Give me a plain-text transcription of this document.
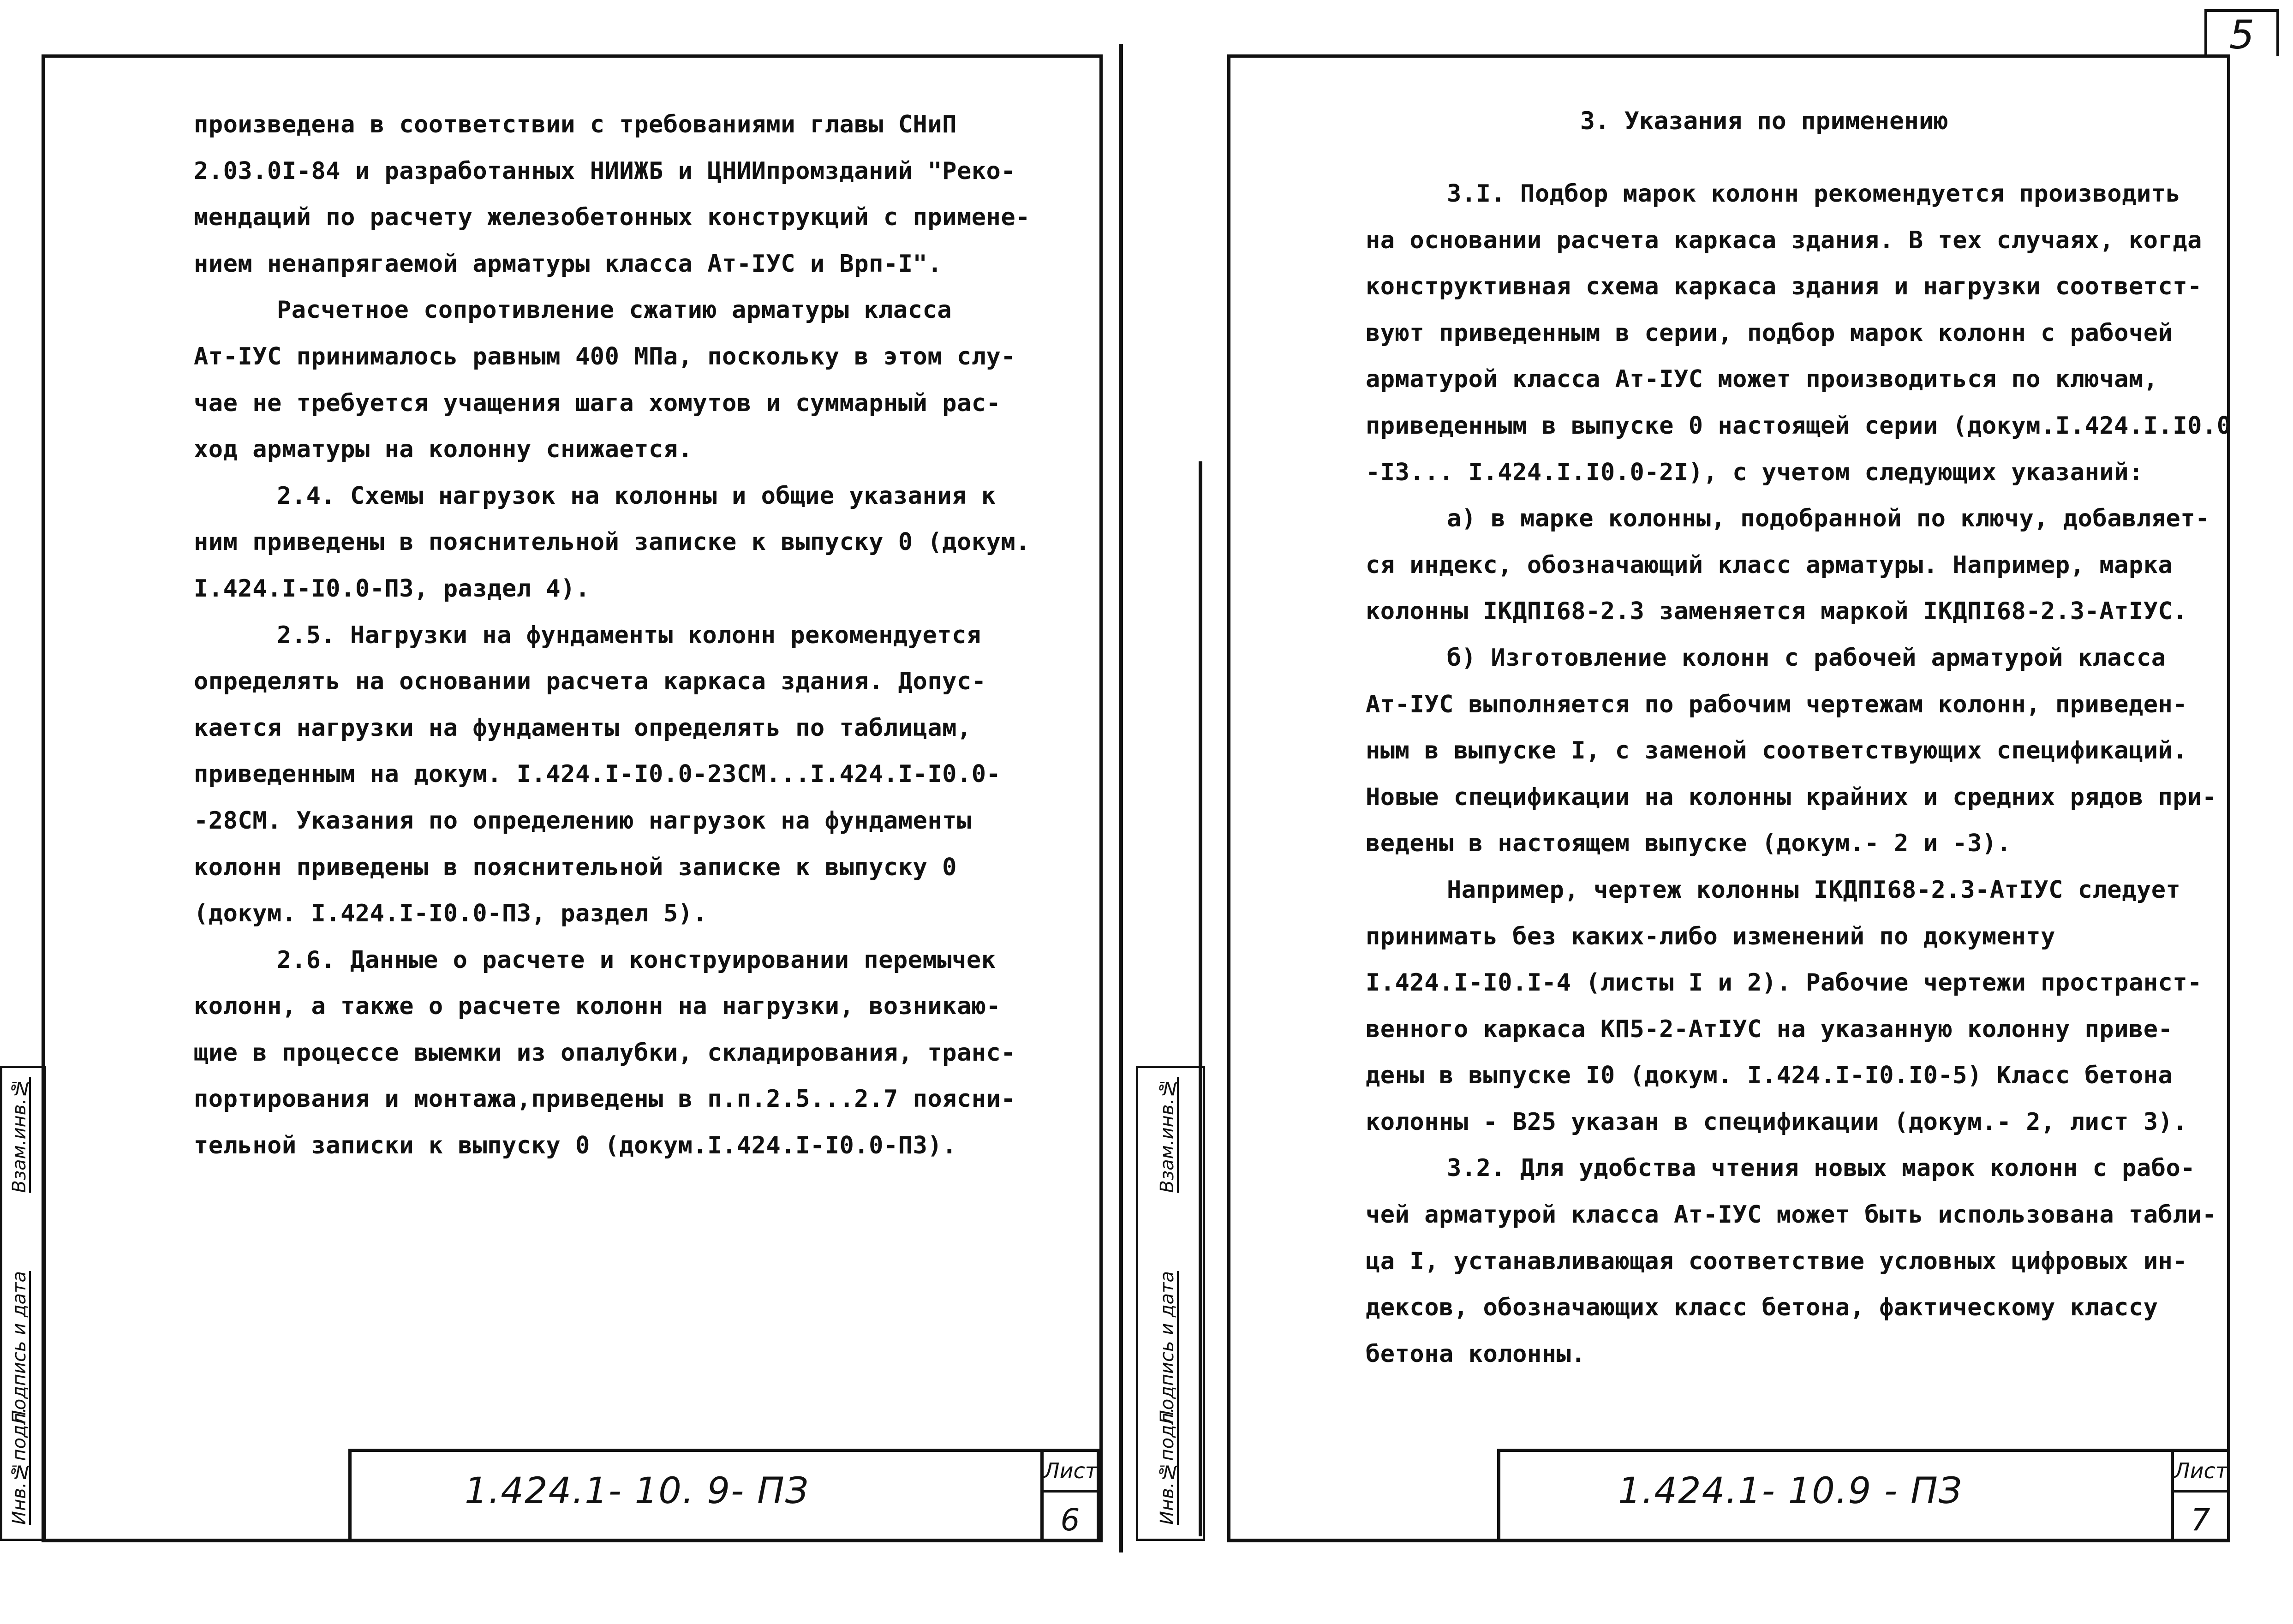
5
Инв.№подл.
Подпись и дата
Взам.инв.№

произведена в соответствии с требованиями главы СНиП

2.03.0I-84 и разработанных НИИЖБ и ЦНИИпромзданий "Реко-

мендаций по расчету железобетонных конструкций с примене-

нием ненапрягаемой арматуры класса Ат-IУС и Врп-I".

Расчетное сопротивление сжатию арматуры класса

Ат-IУС принималось равным 400 МПа, поскольку в этом слу-

чае не требуется учащения шага хомутов и суммарный рас-

ход арматуры на колонну снижается.

2.4. Схемы нагрузок на колонны и общие указания к

ним приведены в пояснительной записке к выпуску 0 (докум.

I.424.I-I0.0-ПЗ, раздел 4).

2.5. Нагрузки на фундаменты колонн рекомендуется

определять на основании расчета каркаса здания. Допус-

кается нагрузки на фундаменты определять по таблицам,

приведенным на докум. I.424.I-I0.0-23СМ...I.424.I-I0.0-

-28СМ. Указания по определению нагрузок на фундаменты

колонн приведены в пояснительной записке к выпуску 0

(докум. I.424.I-I0.0-ПЗ, раздел 5).

2.6. Данные о расчете и конструировании перемычек

колонн, а также о расчете колонн на нагрузки, возникаю-

щие в процессе выемки из опалубки, складирования, транс-

портирования и монтажа,приведены в п.п.2.5...2.7 поясни-

тельной записки к выпуску 0 (докум.I.424.I-I0.0-ПЗ).

1.424.1- 10. 9- ПЗ	Лист
6	Инв.№подл.
Подпись и дата
Взам.инв.№
3. Указания по применению

3.I. Подбор марок колонн рекомендуется производить

на основании расчета каркаса здания. В тех случаях, когда

конструктивная схема каркаса здания и нагрузки соответст-

вуют приведенным в серии, подбор марок колонн с рабочей

арматурой класса Ат-IУС может производиться по ключам,

приведенным в выпуске 0 настоящей серии (докум.I.424.I.I0.0

-I3... I.424.I.I0.0-2I), с учетом следующих указаний:

а) в марке колонны, подобранной по ключу, добавляет-

ся индекс, обозначающий класс арматуры. Например, марка

колонны IКДПI68-2.3 заменяется маркой IКДПI68-2.3-АтIУС.

б) Изготовление колонн с рабочей арматурой класса

Ат-IУС выполняется по рабочим чертежам колонн, приведен-

ным в выпуске I, с заменой соответствующих спецификаций.

Новые спецификации на колонны крайних и средних рядов при-

ведены в настоящем выпуске (докум.- 2 и -3).

Например, чертеж колонны IКДПI68-2.3-АтIУС следует

принимать без каких-либо изменений по документу

I.424.I-I0.I-4 (листы I и 2). Рабочие чертежи пространст-

венного каркаса КП5-2-АтIУС на указанную колонну приве-

дены в выпуске I0 (докум. I.424.I-I0.I0-5) Класс бетона

колонны - В25 указан в спецификации (докум.- 2, лист 3).

3.2. Для удобства чтения новых марок колонн с рабо-

чей арматурой класса Ат-IУС может быть использована табли-

ца I, устанавливающая соответствие условных цифровых ин-

дексов, обозначающих класс бетона, фактическому классу

бетона колонны.

1.424.1- 10.9 - ПЗ	Лист
7
